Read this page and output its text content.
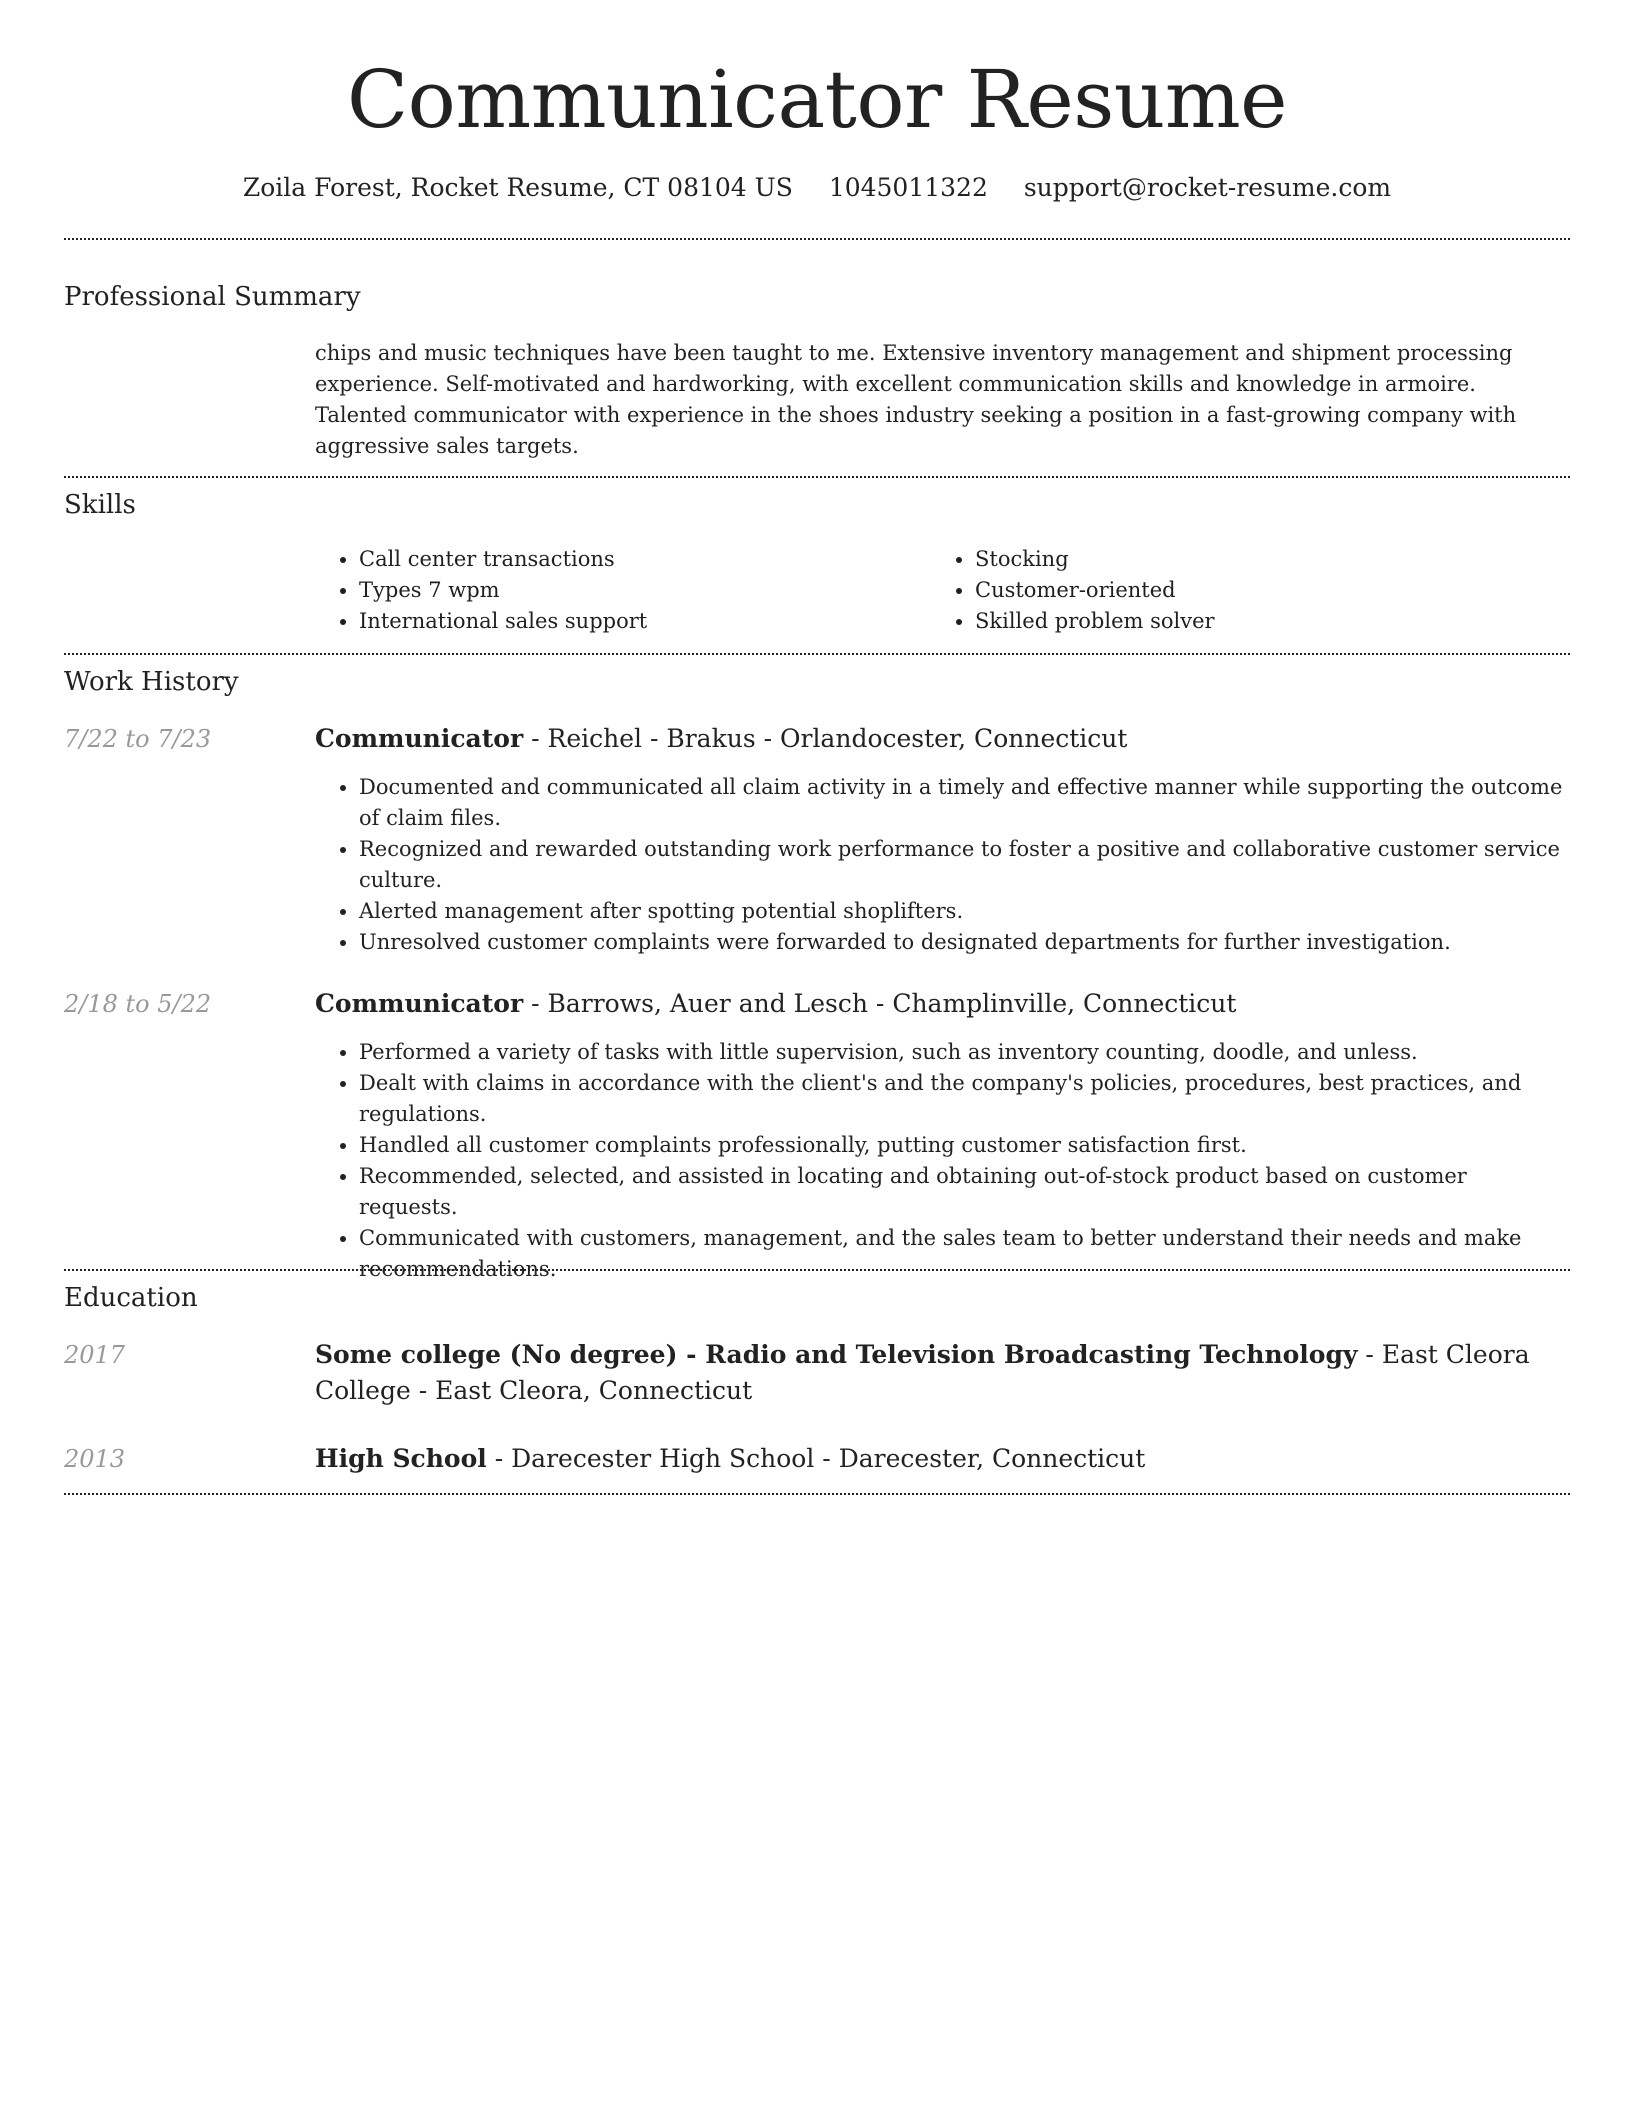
Communicator Resume
Zoila Forest, Rocket Resume, CT 08104 US 1045011322 support@rocket-resume.com
Professional Summary
chips and music techniques have been taught to me. Extensive inventory management and shipment processing experience. Self-motivated and hardworking, with excellent communication skills and knowledge in armoire. Talented communicator with experience in the shoes industry seeking a position in a fast-growing company with aggressive sales targets.
Skills
• Call center transactions
• Types 7 wpm
• International sales support
• Stocking
• Customer-oriented
• Skilled problem solver
Work History
7/22 to 7/23	Communicator - Reichel - Brakus - Orlandocester, Connecticut
• Documented and communicated all claim activity in a timely and effective manner while supporting the outcome of claim files.
• Recognized and rewarded outstanding work performance to foster a positive and collaborative customer service culture.
• Alerted management after spotting potential shoplifters.
• Unresolved customer complaints were forwarded to designated departments for further investigation.
2/18 to 5/22	Communicator - Barrows, Auer and Lesch - Champlinville, Connecticut
• Performed a variety of tasks with little supervision, such as inventory counting, doodle, and unless.
• Dealt with claims in accordance with the client's and the company's policies, procedures, best practices, and regulations.
• Handled all customer complaints professionally, putting customer satisfaction first.
• Recommended, selected, and assisted in locating and obtaining out-of-stock product based on customer requests.
• Communicated with customers, management, and the sales team to better understand their needs and make recommendations.
Education
2017	Some college (No degree) - Radio and Television Broadcasting Technology - East Cleora College - East Cleora, Connecticut
2013	High School - Darecester High School - Darecester, Connecticut
